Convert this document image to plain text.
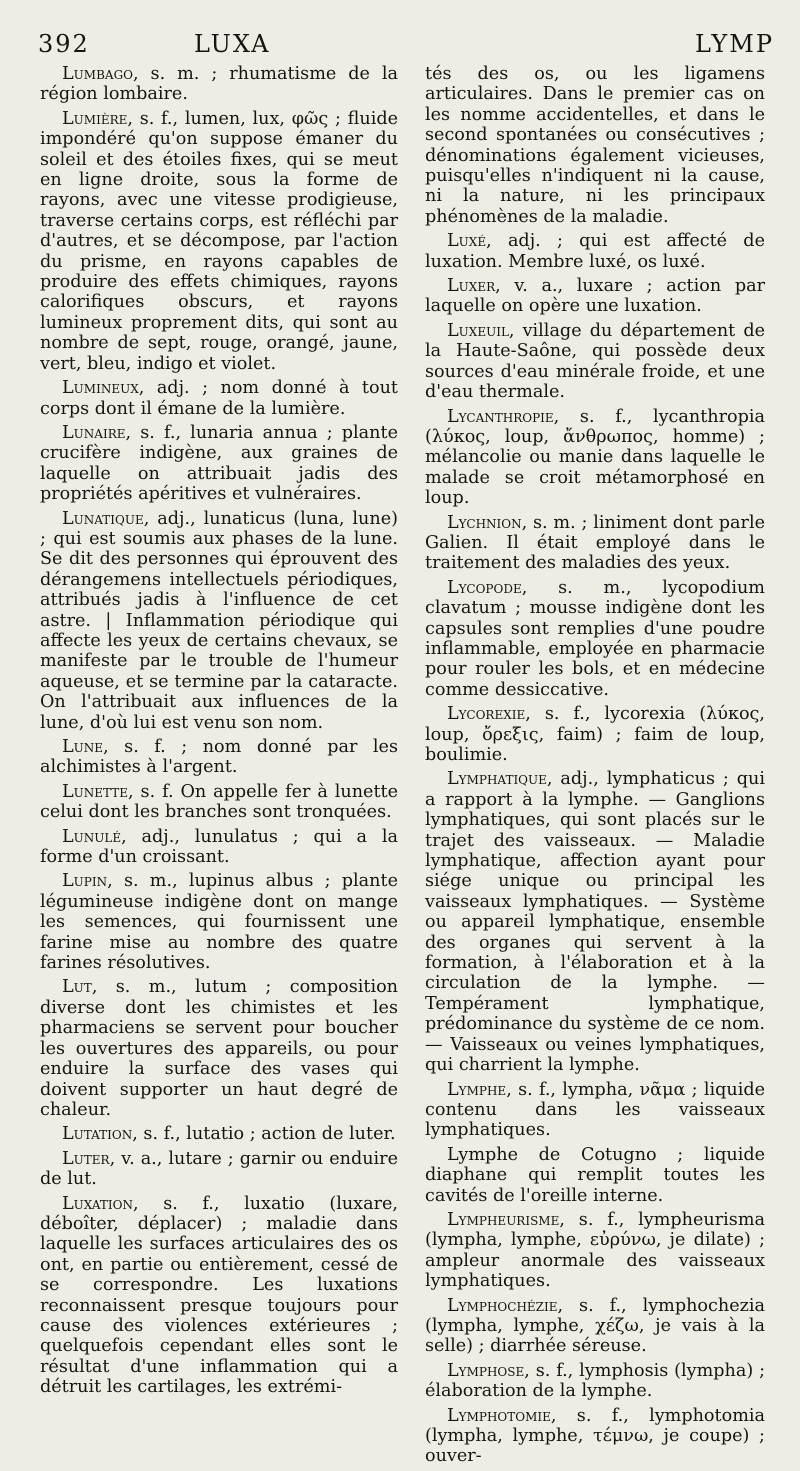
392	LUXA	LYMP

Lumbago, s. m. ; rhumatisme de la région lombaire.

Lumière, s. f., lumen, lux, φῶς ; fluide impondéré qu'on suppose émaner du soleil et des étoiles fixes, qui se meut en ligne droite, sous la forme de rayons, avec une vitesse prodigieuse, traverse certains corps, est réfléchi par d'autres, et se décompose, par l'action du prisme, en rayons capables de produire des effets chimiques, rayons calorifiques obscurs, et rayons lumineux proprement dits, qui sont au nombre de sept, rouge, orangé, jaune, vert, bleu, indigo et violet.

Lumineux, adj. ; nom donné à tout corps dont il émane de la lumière.

Lunaire, s. f., lunaria annua ; plante crucifère indigène, aux graines de laquelle on attribuait jadis des propriétés apéritives et vulnéraires.

Lunatique, adj., lunaticus (luna, lune) ; qui est soumis aux phases de la lune. Se dit des personnes qui éprouvent des dérangemens intellectuels périodiques, attribués jadis à l'influence de cet astre. | Inflammation périodique qui affecte les yeux de certains chevaux, se manifeste par le trouble de l'humeur aqueuse, et se termine par la cataracte. On l'attribuait aux influences de la lune, d'où lui est venu son nom.

Lune, s. f. ; nom donné par les alchimistes à l'argent.

Lunette, s. f. On appelle fer à lunette celui dont les branches sont tronquées.

Lunulé, adj., lunulatus ; qui a la forme d'un croissant.

Lupin, s. m., lupinus albus ; plante légumineuse indigène dont on mange les semences, qui fournissent une farine mise au nombre des quatre farines résolutives.

Lut, s. m., lutum ; composition diverse dont les chimistes et les pharmaciens se servent pour boucher les ouvertures des appareils, ou pour enduire la surface des vases qui doivent supporter un haut degré de chaleur.

Lutation, s. f., lutatio ; action de luter.

Luter, v. a., lutare ; garnir ou enduire de lut.

Luxation, s. f., luxatio (luxare, déboîter, déplacer) ; maladie dans laquelle les surfaces articulaires des os ont, en partie ou entièrement, cessé de se correspondre. Les luxations reconnaissent presque toujours pour cause des violences extérieures ; quelquefois cependant elles sont le résultat d'une inflammation qui a détruit les cartilages, les extrémi-

tés des os, ou les ligamens articulaires. Dans le premier cas on les nomme accidentelles, et dans le second spontanées ou consécutives ; dénominations également vicieuses, puisqu'elles n'indiquent ni la cause, ni la nature, ni les principaux phénomènes de la maladie.

Luxé, adj. ; qui est affecté de luxation. Membre luxé, os luxé.

Luxer, v. a., luxare ; action par laquelle on opère une luxation.

Luxeuil, village du département de la Haute-Saône, qui possède deux sources d'eau minérale froide, et une d'eau thermale.

Lycanthropie, s. f., lycanthropia (λύκος, loup, ἄνθρωπος, homme) ; mélancolie ou manie dans laquelle le malade se croit métamorphosé en loup.

Lychnion, s. m. ; liniment dont parle Galien. Il était employé dans le traitement des maladies des yeux.

Lycopode, s. m., lycopodium clavatum ; mousse indigène dont les capsules sont remplies d'une poudre inflammable, employée en pharmacie pour rouler les bols, et en médecine comme dessiccative.

Lycorexie, s. f., lycorexia (λύκος, loup, ὄρεξις, faim) ; faim de loup, boulimie.

Lymphatique, adj., lymphaticus ; qui a rapport à la lymphe. — Ganglions lymphatiques, qui sont placés sur le trajet des vaisseaux. — Maladie lymphatique, affection ayant pour siége unique ou principal les vaisseaux lymphatiques. — Système ou appareil lymphatique, ensemble des organes qui servent à la formation, à l'élaboration et à la circulation de la lymphe. — Tempérament lymphatique, prédominance du système de ce nom. — Vaisseaux ou veines lymphatiques, qui charrient la lymphe.

Lymphe, s. f., lympha, νᾶμα ; liquide contenu dans les vaisseaux lymphatiques.

Lymphe de Cotugno ; liquide diaphane qui remplit toutes les cavités de l'oreille interne.

Lympheurisme, s. f., lympheurisma (lympha, lymphe, εὐρύνω, je dilate) ; ampleur anormale des vaisseaux lymphatiques.

Lymphochézie, s. f., lymphochezia (lympha, lymphe, χέζω, je vais à la selle) ; diarrhée séreuse.

Lymphose, s. f., lymphosis (lympha) ; élaboration de la lymphe.

Lymphotomie, s. f., lymphotomia (lympha, lymphe, τέμνω, je coupe) ; ouver-
